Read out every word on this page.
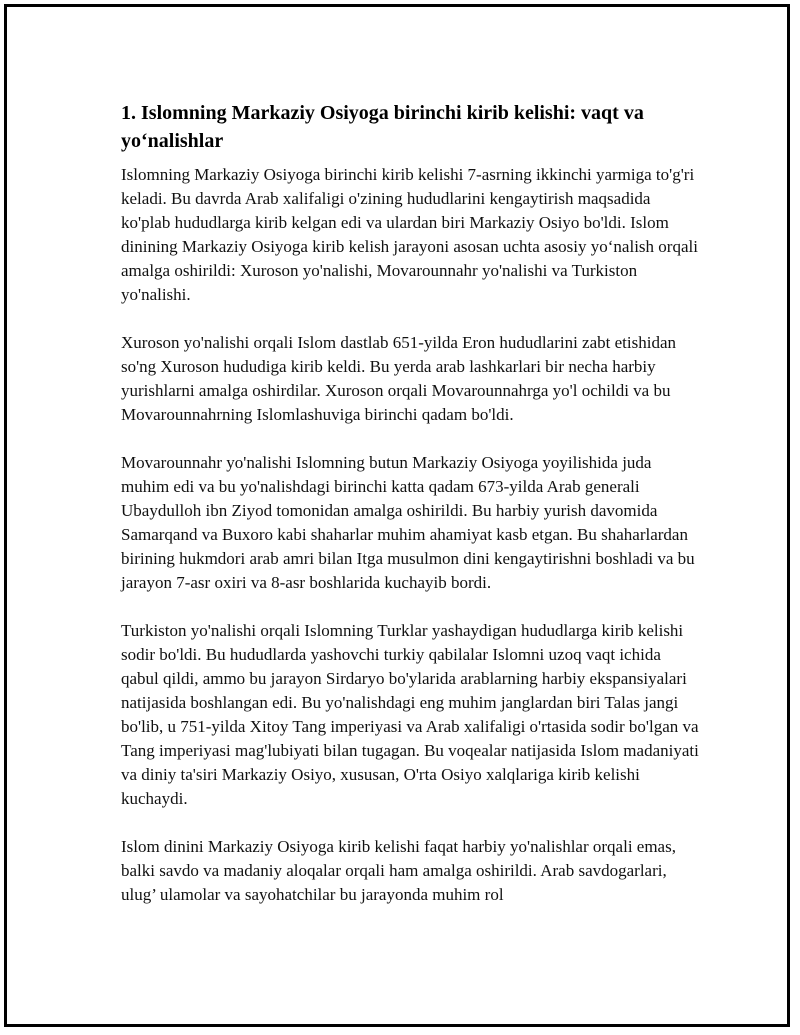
1. Islomning Markaziy Osiyoga birinchi kirib kelishi: vaqt va yo‘nalishlar

Islomning Markaziy Osiyoga birinchi kirib kelishi 7-asrning ikkinchi yarmiga to'g'ri keladi. Bu davrda Arab xalifaligi o'zining hududlarini kengaytirish maqsadida ko'plab hududlarga kirib kelgan edi va ulardan biri Markaziy Osiyo bo'ldi. Islom dinining Markaziy Osiyoga kirib kelish jarayoni asosan uchta asosiy yo‘nalish orqali amalga oshirildi: Xuroson yo'nalishi, Movarounnahr yo'nalishi va Turkiston yo'nalishi.

Xuroson yo'nalishi orqali Islom dastlab 651-yilda Eron hududlarini zabt etishidan so'ng Xuroson hududiga kirib keldi. Bu yerda arab lashkarlari bir necha harbiy yurishlarni amalga oshirdilar. Xuroson orqali Movarounnahrga yo'l ochildi va bu Movarounnahrning Islomlashuviga birinchi qadam bo'ldi.

Movarounnahr yo'nalishi Islomning butun Markaziy Osiyoga yoyilishida juda muhim edi va bu yo'nalishdagi birinchi katta qadam 673-yilda Arab generali Ubaydulloh ibn Ziyod tomonidan amalga oshirildi. Bu harbiy yurish davomida Samarqand va Buxoro kabi shaharlar muhim ahamiyat kasb etgan. Bu shaharlardan birining hukmdori arab amri bilan Itga musulmon dini kengaytirishni boshladi va bu jarayon 7-asr oxiri va 8-asr boshlarida kuchayib bordi.

Turkiston yo'nalishi orqali Islomning Turklar yashaydigan hududlarga kirib kelishi sodir bo'ldi. Bu hududlarda yashovchi turkiy qabilalar Islomni uzoq vaqt ichida qabul qildi, ammo bu jarayon Sirdaryo bo'ylarida arablarning harbiy ekspansiyalari natijasida boshlangan edi. Bu yo'nalishdagi eng muhim janglardan biri Talas jangi bo'lib, u 751-yilda Xitoy Tang imperiyasi va Arab xalifaligi o'rtasida sodir bo'lgan va Tang imperiyasi mag'lubiyati bilan tugagan. Bu voqealar natijasida Islom madaniyati va diniy ta'siri Markaziy Osiyo, xususan, O'rta Osiyo xalqlariga kirib kelishi kuchaydi.

Islom dinini Markaziy Osiyoga kirib kelishi faqat harbiy yo'nalishlar orqali emas, balki savdo va madaniy aloqalar orqali ham amalga oshirildi. Arab savdogarlari, ulug’ ulamolar va sayohatchilar bu jarayonda muhim rol
